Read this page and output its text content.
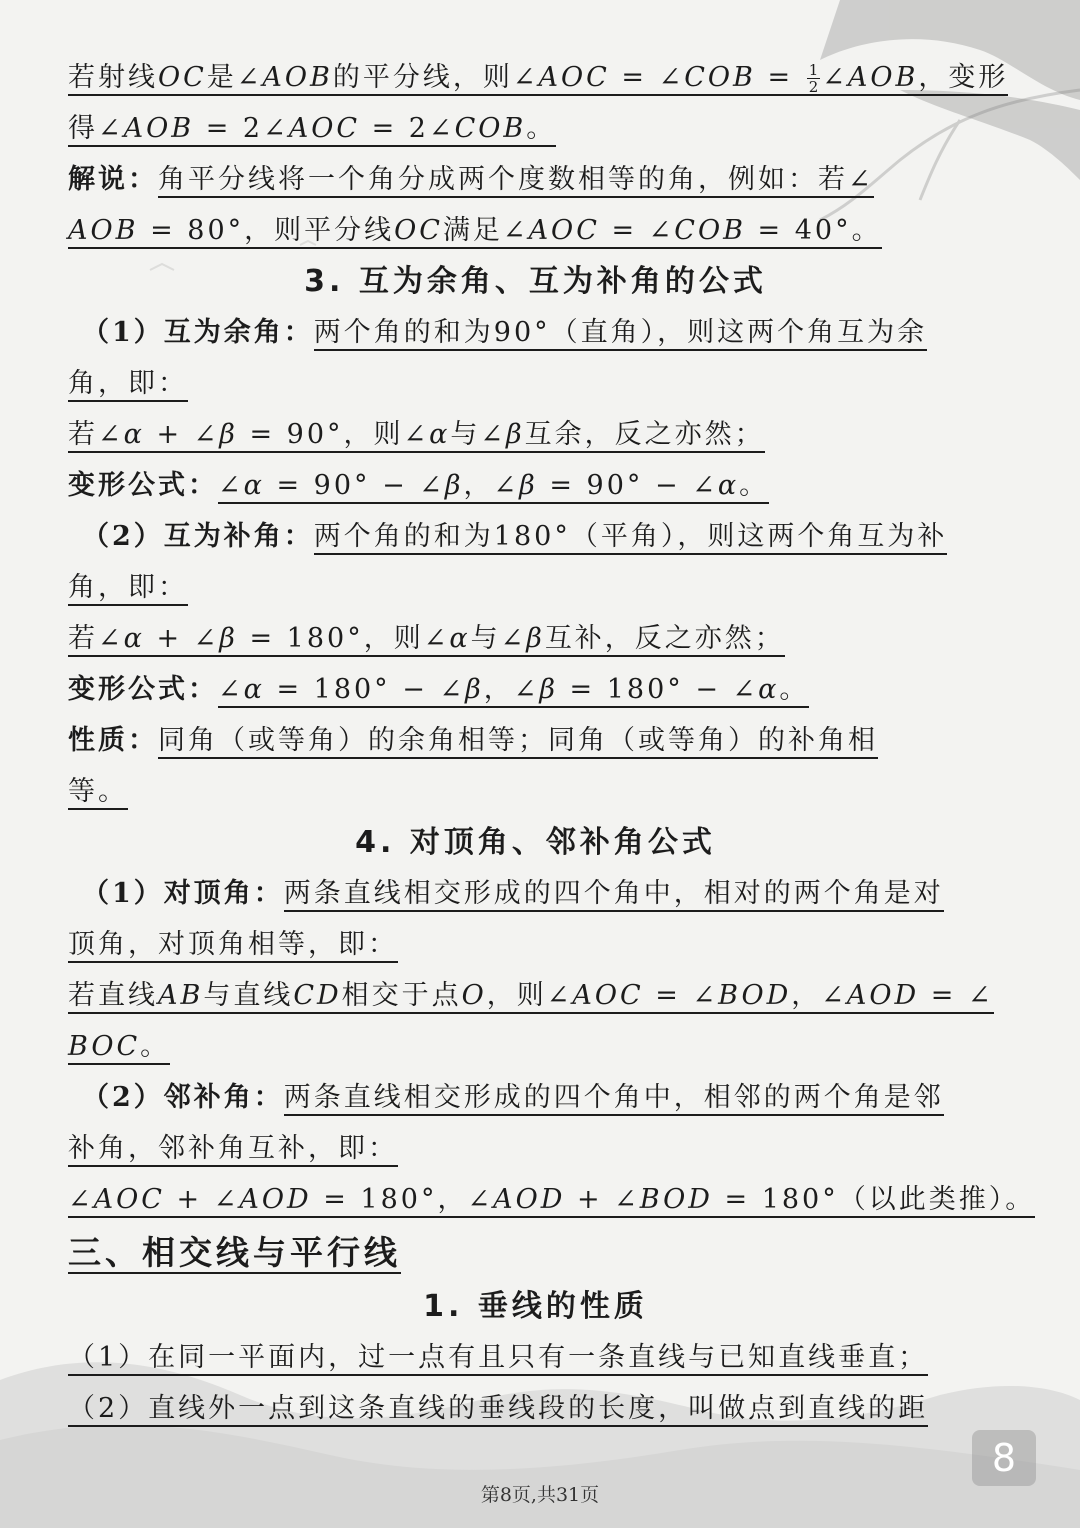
若射线OC是∠AOB的平分线，则∠AOC = ∠COB = $\frac{1}{2}$ ∠AOB，变形
得∠AOB = 2∠AOC = 2∠COB。
解说：角平分线将一个角分成两个度数相等的角，例如：若∠
AOB = 80°，则平分线OC满足∠AOC = ∠COB = 40°。
3. 互为余角、互为补角的公式
（1）互为余角：两个角的和为90°（直角），则这两个角互为余
角，即：
若∠α + ∠β = 90°，则∠α与∠β互余，反之亦然；
变形公式：∠α = 90° − ∠β，∠β = 90° − ∠α。
（2）互为补角：两个角的和为180°（平角），则这两个角互为补
角，即：
若∠α + ∠β = 180°，则∠α与∠β互补，反之亦然；
变形公式：∠α = 180° − ∠β，∠β = 180° − ∠α。
性质：同角（或等角）的余角相等；同角（或等角）的补角相
等。
4. 对顶角、邻补角公式
（1）对顶角：两条直线相交形成的四个角中，相对的两个角是对
顶角，对顶角相等，即：
若直线AB与直线CD相交于点O，则∠AOC = ∠BOD，∠AOD = ∠
BOC。
（2）邻补角：两条直线相交形成的四个角中，相邻的两个角是邻
补角，邻补角互补，即：
∠AOC + ∠AOD = 180°，∠AOD + ∠BOD = 180°（以此类推）。
三、相交线与平行线
1. 垂线的性质
（1）在同一平面内，过一点有且只有一条直线与已知直线垂直；
（2）直线外一点到这条直线的垂线段的长度，叫做点到直线的距
8
第8页,共31页
